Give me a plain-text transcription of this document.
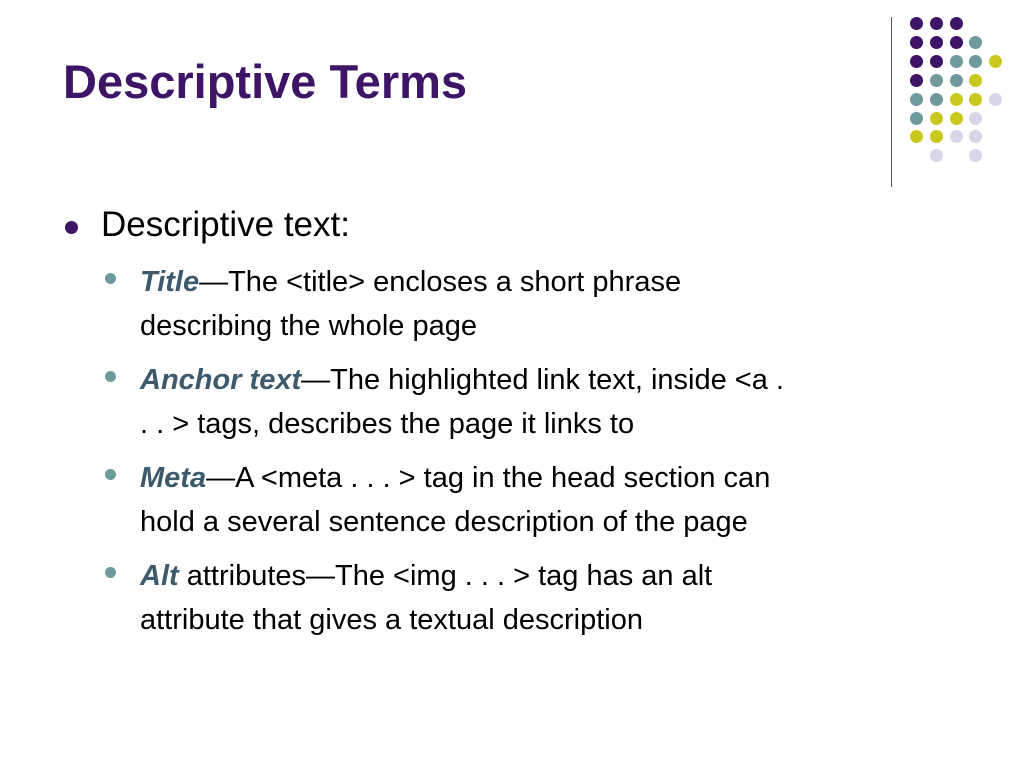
Descriptive Terms
Descriptive text:
Title—The <title> encloses a short phrase
describing the whole page
Anchor text—The highlighted link text, inside <a .
. . > tags, describes the page it links to
Meta—A <meta . . . > tag in the head section can
hold a several sentence description of the page
Alt attributes—The <img . . . > tag has an alt
attribute that gives a textual description
